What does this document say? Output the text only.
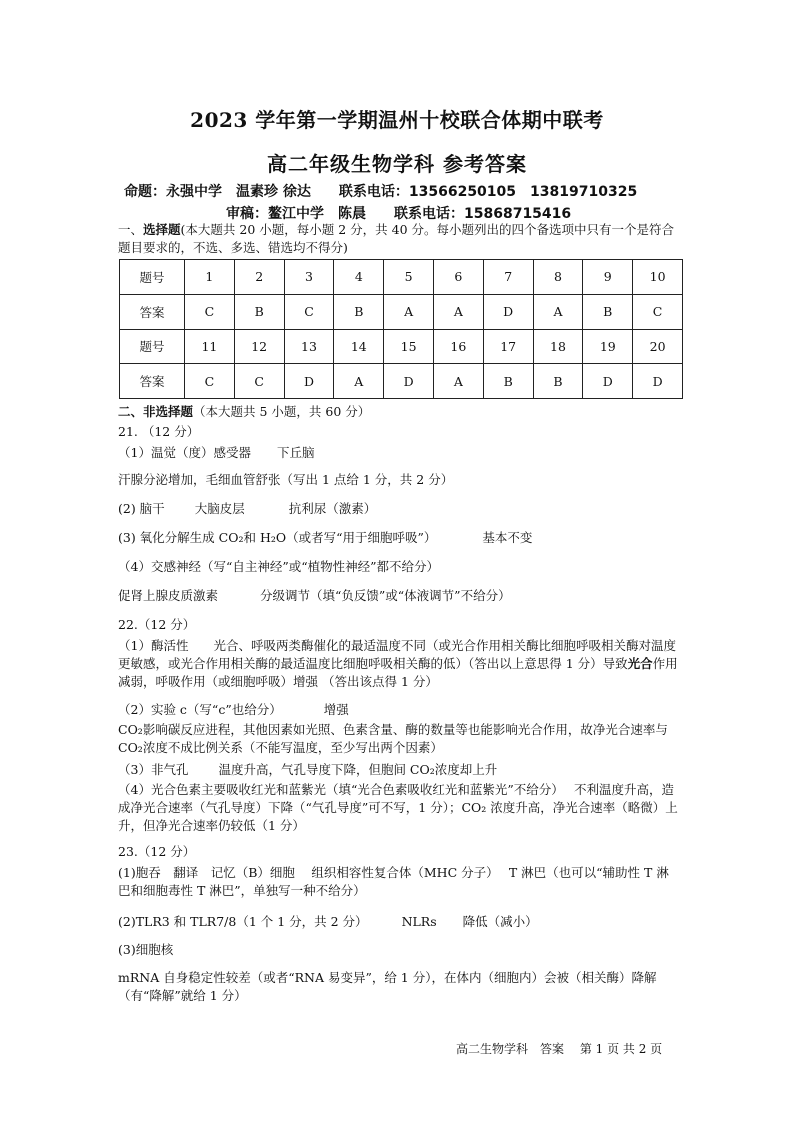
2023 学年第一学期温州十校联合体期中联考
高二年级生物学科 参考答案
命题：永强中学　温素珍 徐达　　联系电话：13566250105　13819710325
审稿：鳌江中学　陈晨　　联系电话：15868715416
一、选择题(本大题共 20 小题，每小题 2 分，共 40 分。每小题列出的四个备选项中只有一个是符合题目要求的，不选、多选、错选均不得分)
题号	1	2	3	4	5	6	7	8	9	10
答案	C	B	C	B	A	A	D	A	B	C
题号	11	12	13	14	15	16	17	18	19	20
答案	C	C	D	A	D	A	B	B	D	D
二、非选择题（本大题共 5 小题，共 60 分）
21. （12 分）
（1）温觉（度）感受器 下丘脑
汗腺分泌增加，毛细血管舒张（写出 1 点给 1 分，共 2 分）
(2) 脑干 大脑皮层	抗利尿（激素）
(3) 氧化分解生成 CO₂和 H₂O（或者写“用于细胞呼吸”）	基本不变
（4）交感神经（写“自主神经”或“植物性神经”都不给分）
促肾上腺皮质激素	分级调节（填“负反馈”或“体液调节”不给分）
22.（12 分）
（1）酶活性　　光合、呼吸两类酶催化的最适温度不同（或光合作用相关酶比细胞呼吸相关酶对温度更敏感，或光合作用相关酶的最适温度比细胞呼吸相关酶的低）（答出以上意思得 1 分）导致光合作用减弱，呼吸作用（或细胞呼吸）增强 （答出该点得 1 分）
（2）实验 c（写“c”也给分）	增强
CO₂影响碳反应进程，其他因素如光照、色素含量、酶的数量等也能影响光合作用，故净光合速率与 CO₂浓度不成比例关系（不能写温度，至少写出两个因素）
（3）非气孔 温度升高，气孔导度下降，但胞间 CO₂浓度却上升
（4）光合色素主要吸收红光和蓝紫光（填“光合色素吸收红光和蓝紫光”不给分）　 不利温度升高，造成净光合速率（气孔导度）下降（“气孔导度”可不写，1 分）；CO₂ 浓度升高，净光合速率（略微）上升，但净光合速率仍较低（1 分）
23.（12 分）
(1)胞吞　翻译　记忆（B）细胞　 组织相容性复合体（MHC 分子）　 T 淋巴（也可以“辅助性 T 淋巴和细胞毒性 T 淋巴”，单独写一种不给分）
(2)TLR3 和 TLR7/8（1 个 1 分，共 2 分）	NLRs 降低（减小）
(3)细胞核
mRNA 自身稳定性较差（或者“RNA 易变异”，给 1 分），在体内（细胞内）会被（相关酶）降解（有“降解”就给 1 分）
高二生物学科　答案　 第 1 页 共 2 页
